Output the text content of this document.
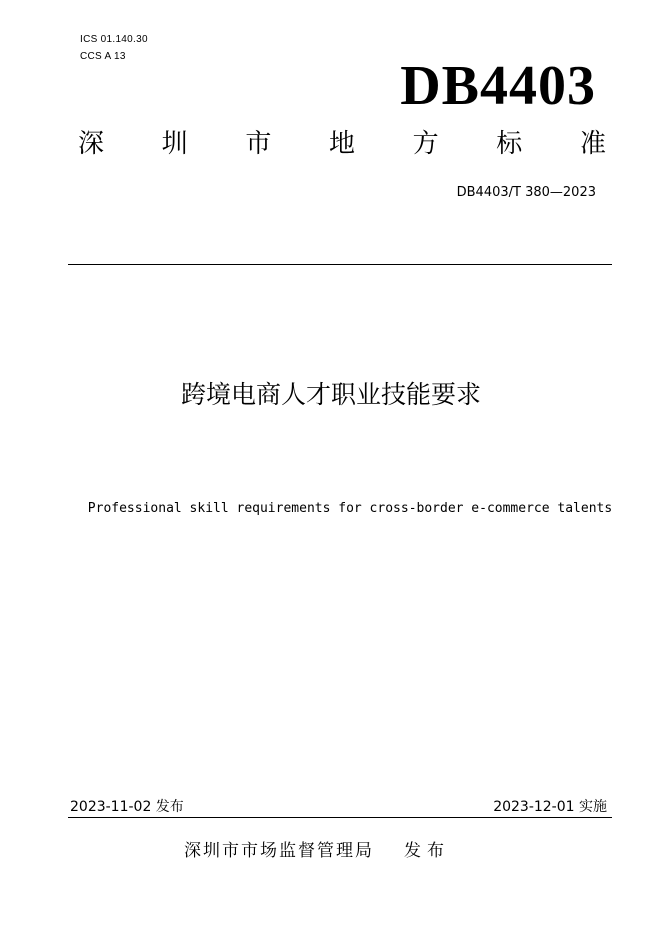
ICS 01.140.30
CCS A 13	DB4403
深 圳 市 地 方 标 准
DB4403/T 380—2023
跨境电商人才职业技能要求
Professional skill requirements for cross-border e-commerce talents
2023-11-02 发布	2023-12-01 实施
深圳市市场监督管理局 发布
